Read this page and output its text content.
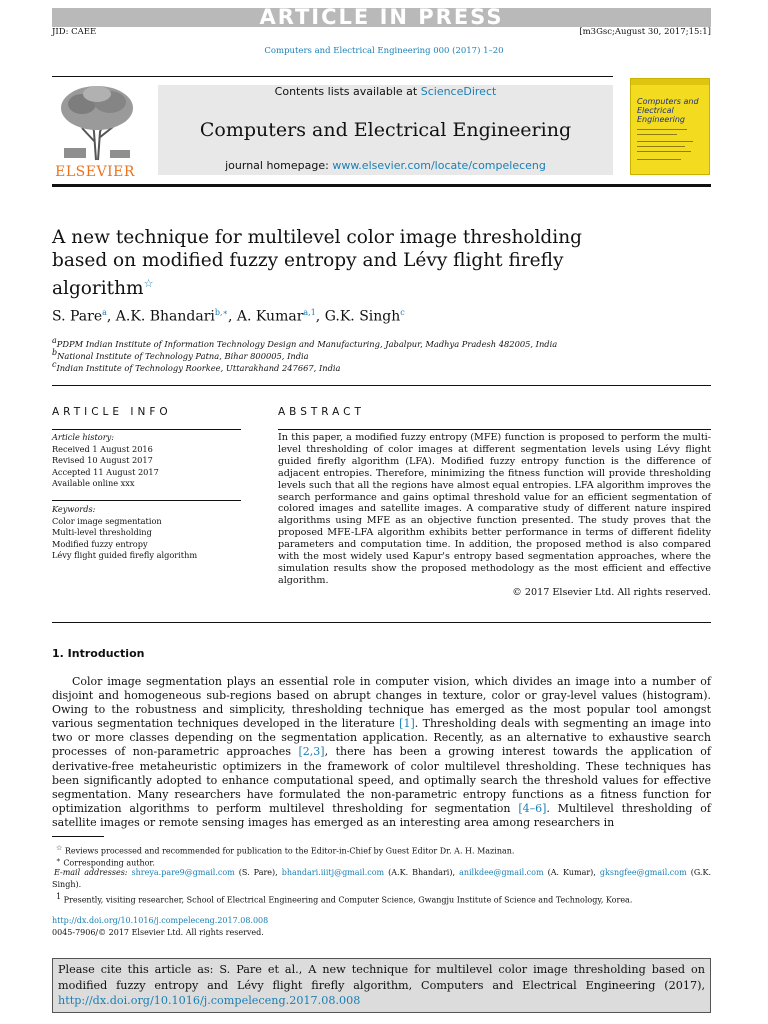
ARTICLE IN PRESS
JID: CAEE	[m3Gsc;August 30, 2017;15:1]
Computers and Electrical Engineering 000 (2017) 1–20
ELSEVIER
Contents lists available at ScienceDirect
Computers and Electrical Engineering
journal homepage: www.elsevier.com/locate/compeleceng
Computers and Electrical Engineering
A new technique for multilevel color image thresholding based on modified fuzzy entropy and Lévy flight firefly algorithm☆
S. Pare$^a$, A.K. Bhandari$^{b,∗}$, A. Kumar$^{a,1}$, G.K. Singh$^c$
$^a$PDPM Indian Institute of Information Technology Design and Manufacturing, Jabalpur, Madhya Pradesh 482005, India
$^b$National Institute of Technology Patna, Bihar 800005, India
$^c$Indian Institute of Technology Roorkee, Uttarakhand 247667, India
ARTICLE INFO
Article history:
Received 1 August 2016
Revised 10 August 2017
Accepted 11 August 2017
Available online xxx
Keywords:
Color image segmentation
Multi-level thresholding
Modified fuzzy entropy
Lévy flight guided firefly algorithm
ABSTRACT
In this paper, a modified fuzzy entropy (MFE) function is proposed to perform the multi-level thresholding of color images at different segmentation levels using Lévy flight guided firefly algorithm (LFA). Modified fuzzy entropy function is the difference of adjacent entropies. Therefore, minimizing the fitness function will provide thresholding levels such that all the regions have almost equal entropies. LFA algorithm improves the search performance and gains optimal threshold value for an efficient segmentation of colored images and satellite images. A comparative study of different nature inspired algorithms using MFE as an objective function presented. The study proves that the proposed MFE-LFA algorithm exhibits better performance in terms of different fidelity parameters and computation time. In addition, the proposed method is also compared with the most widely used Kapur's entropy based segmentation approaches, where the simulation results show the proposed methodology as the most efficient and effective algorithm.
© 2017 Elsevier Ltd. All rights reserved.
1. Introduction
Color image segmentation plays an essential role in computer vision, which divides an image into a number of disjoint and homogeneous sub-regions based on abrupt changes in texture, color or gray-level values (histogram). Owing to the robustness and simplicity, thresholding technique has emerged as the most popular tool amongst various segmentation techniques developed in the literature [1]. Thresholding deals with segmenting an image into two or more classes depending on the segmentation application. Recently, as an alternative to exhaustive search processes of non-parametric approaches [2,3], there has been a growing interest towards the application of derivative-free metaheuristic optimizers in the framework of color multilevel thresholding. These techniques has been significantly adopted to enhance computational speed, and optimally search the threshold values for effective segmentation. Many researchers have formulated the non-parametric entropy functions as a fitness function for optimization algorithms to perform multilevel thresholding for segmentation [4–6]. Multilevel thresholding of satellite images or remote sensing images has emerged as an interesting area among researchers in
☆ Reviews processed and recommended for publication to the Editor-in-Chief by Guest Editor Dr. A. H. Mazinan.
∗ Corresponding author.
E-mail addresses: shreya.pare9@gmail.com (S. Pare), bhandari.iiitj@gmail.com (A.K. Bhandari), anilkdee@gmail.com (A. Kumar), gksngfee@gmail.com (G.K. Singh).
$^1$ Presently, visiting researcher, School of Electrical Engineering and Computer Science, Gwangju Institute of Science and Technology, Korea.
http://dx.doi.org/10.1016/j.compeleceng.2017.08.008
0045-7906/© 2017 Elsevier Ltd. All rights reserved.
Please cite this article as: S. Pare et al., A new technique for multilevel color image thresholding based on modified fuzzy entropy and Lévy flight firefly algorithm, Computers and Electrical Engineering (2017), http://dx.doi.org/10.1016/j.compeleceng.2017.08.008
